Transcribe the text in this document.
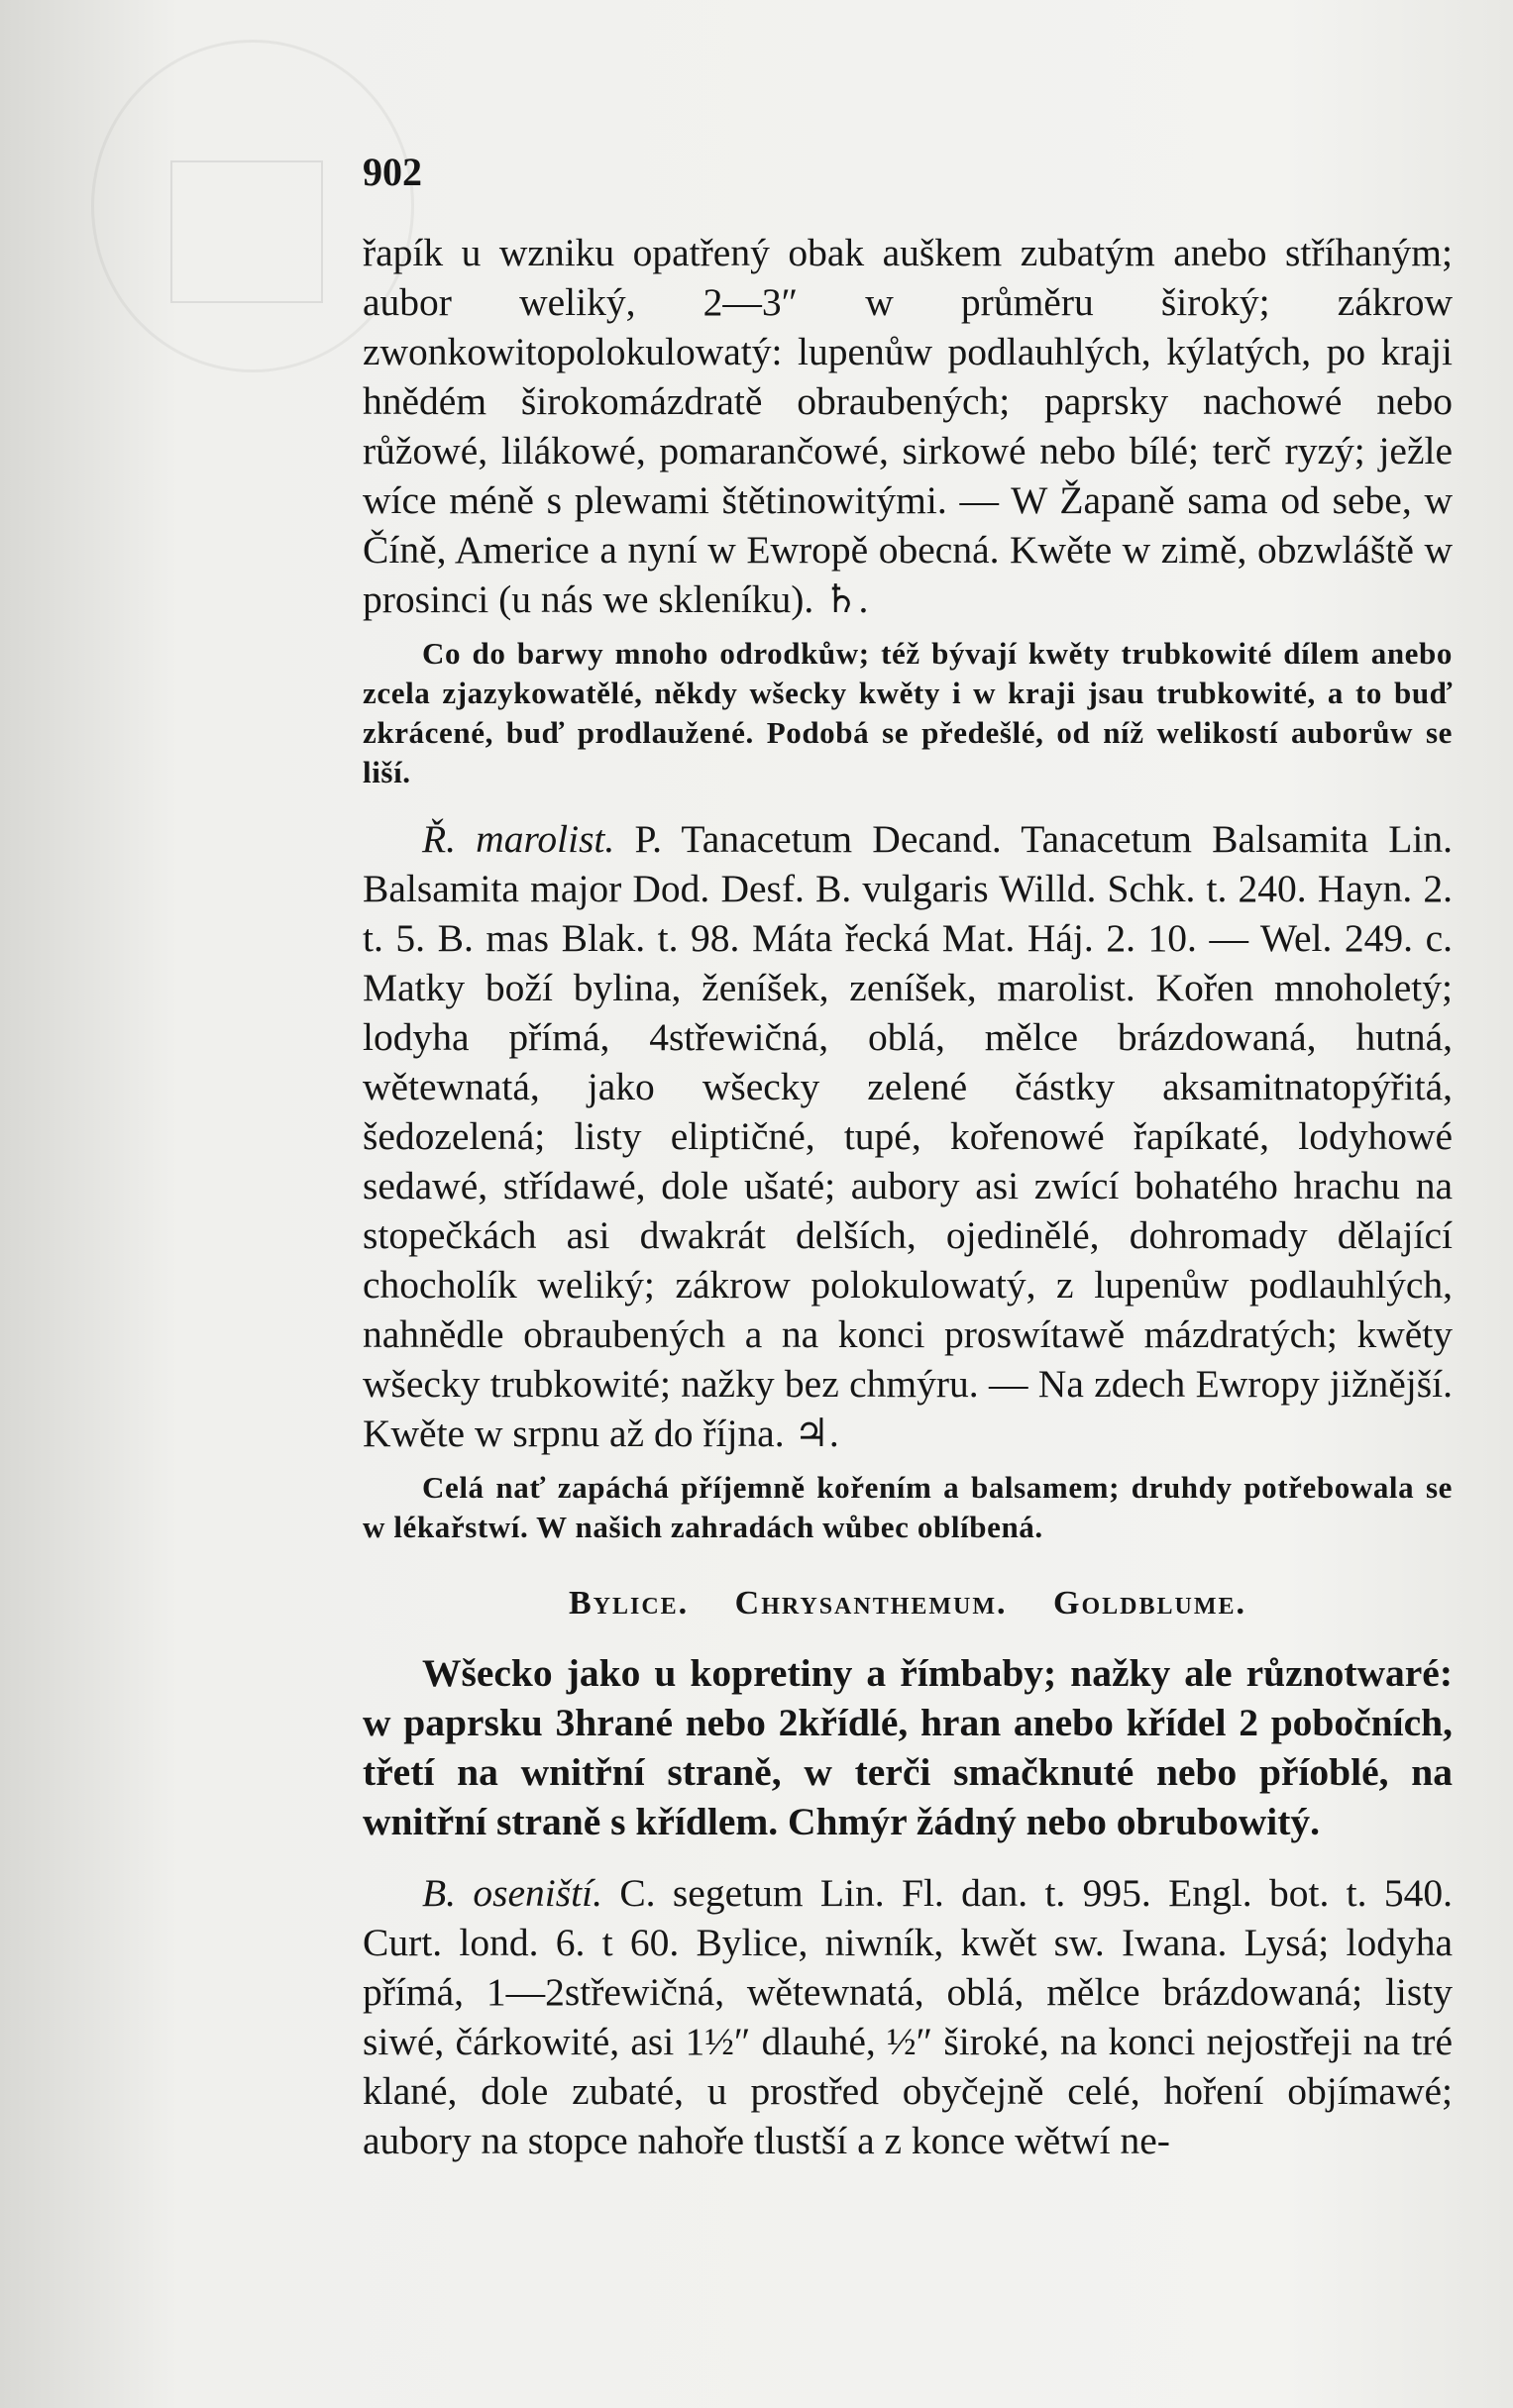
902

řapík u wzniku opatřený obak auškem zubatým anebo stříhaným; aubor weliký, 2—3″ w průměru široký; zákrow zwonkowitopolokulowatý: lupenůw podlauhlých, kýlatých, po kraji hnědém širokomázdratě obraubených; paprsky nachowé nebo růžowé, lilákowé, pomarančowé, sirkowé nebo bílé; terč ryzý; ježle wíce méně s plewami štětinowitými. — W Žapaně sama od sebe, w Číně, Americe a nyní w Ewropě obecná. Kwěte w zimě, obzwláště w prosinci (u nás we skleníku). ♄.

Co do barwy mnoho odrodkůw; též bývají kwěty trubkowité dílem anebo zcela zjazykowatělé, někdy wšecky kwěty i w kraji jsau trubkowité, a to buď zkrácené, buď prodlaužené. Podobá se předešlé, od níž welikostí auborůw se liší.

Ř. marolist. P. Tanacetum Decand. Tanacetum Balsamita Lin. Balsamita major Dod. Desf. B. vulgaris Willd. Schk. t. 240. Hayn. 2. t. 5. B. mas Blak. t. 98. Máta řecká Mat. Háj. 2. 10. — Wel. 249. c. Matky boží bylina, ženíšek, zeníšek, marolist. Kořen mnoholetý; lodyha přímá, 4střewičná, oblá, mělce brázdowaná, hutná, wětewnatá, jako wšecky zelené částky aksamitnatopýřitá, šedozelená; listy eliptičné, tupé, kořenowé řapíkaté, lodyhowé sedawé, střídawé, dole ušaté; aubory asi zwící bohatého hrachu na stopečkách asi dwakrát delších, ojedinělé, dohromady dělající chocholík weliký; zákrow polokulowatý, z lupenůw podlauhlých, nahnědle obraubených a na konci proswítawě mázdratých; kwěty wšecky trubkowité; nažky bez chmýru. — Na zdech Ewropy jižnější. Kwěte w srpnu až do října. ♃.

Celá nať zapáchá příjemně kořením a balsamem; druhdy potřebowala se w lékařstwí. W našich zahradách wůbec oblíbená.

Bylice. Chrysanthemum. Goldblume.

Wšecko jako u kopretiny a římbaby; nažky ale různotwaré: w paprsku 3hrané nebo 2křídlé, hran anebo křídel 2 pobočních, třetí na wnitřní straně, w terči smačknuté nebo příoblé, na wnitřní straně s křídlem. Chmýr žádný nebo obrubowitý.

B. oseniští. C. segetum Lin. Fl. dan. t. 995. Engl. bot. t. 540. Curt. lond. 6. t 60. Bylice, niwník, kwět sw. Iwana. Lysá; lodyha přímá, 1—2střewičná, wětewnatá, oblá, mělce brázdowaná; listy siwé, čárkowité, asi 1½″ dlauhé, ½″ široké, na konci nejostřeji na tré klané, dole zubaté, u prostřed obyčejně celé, hoření objímawé; aubory na stopce nahoře tlustší a z konce wětwí ne-
